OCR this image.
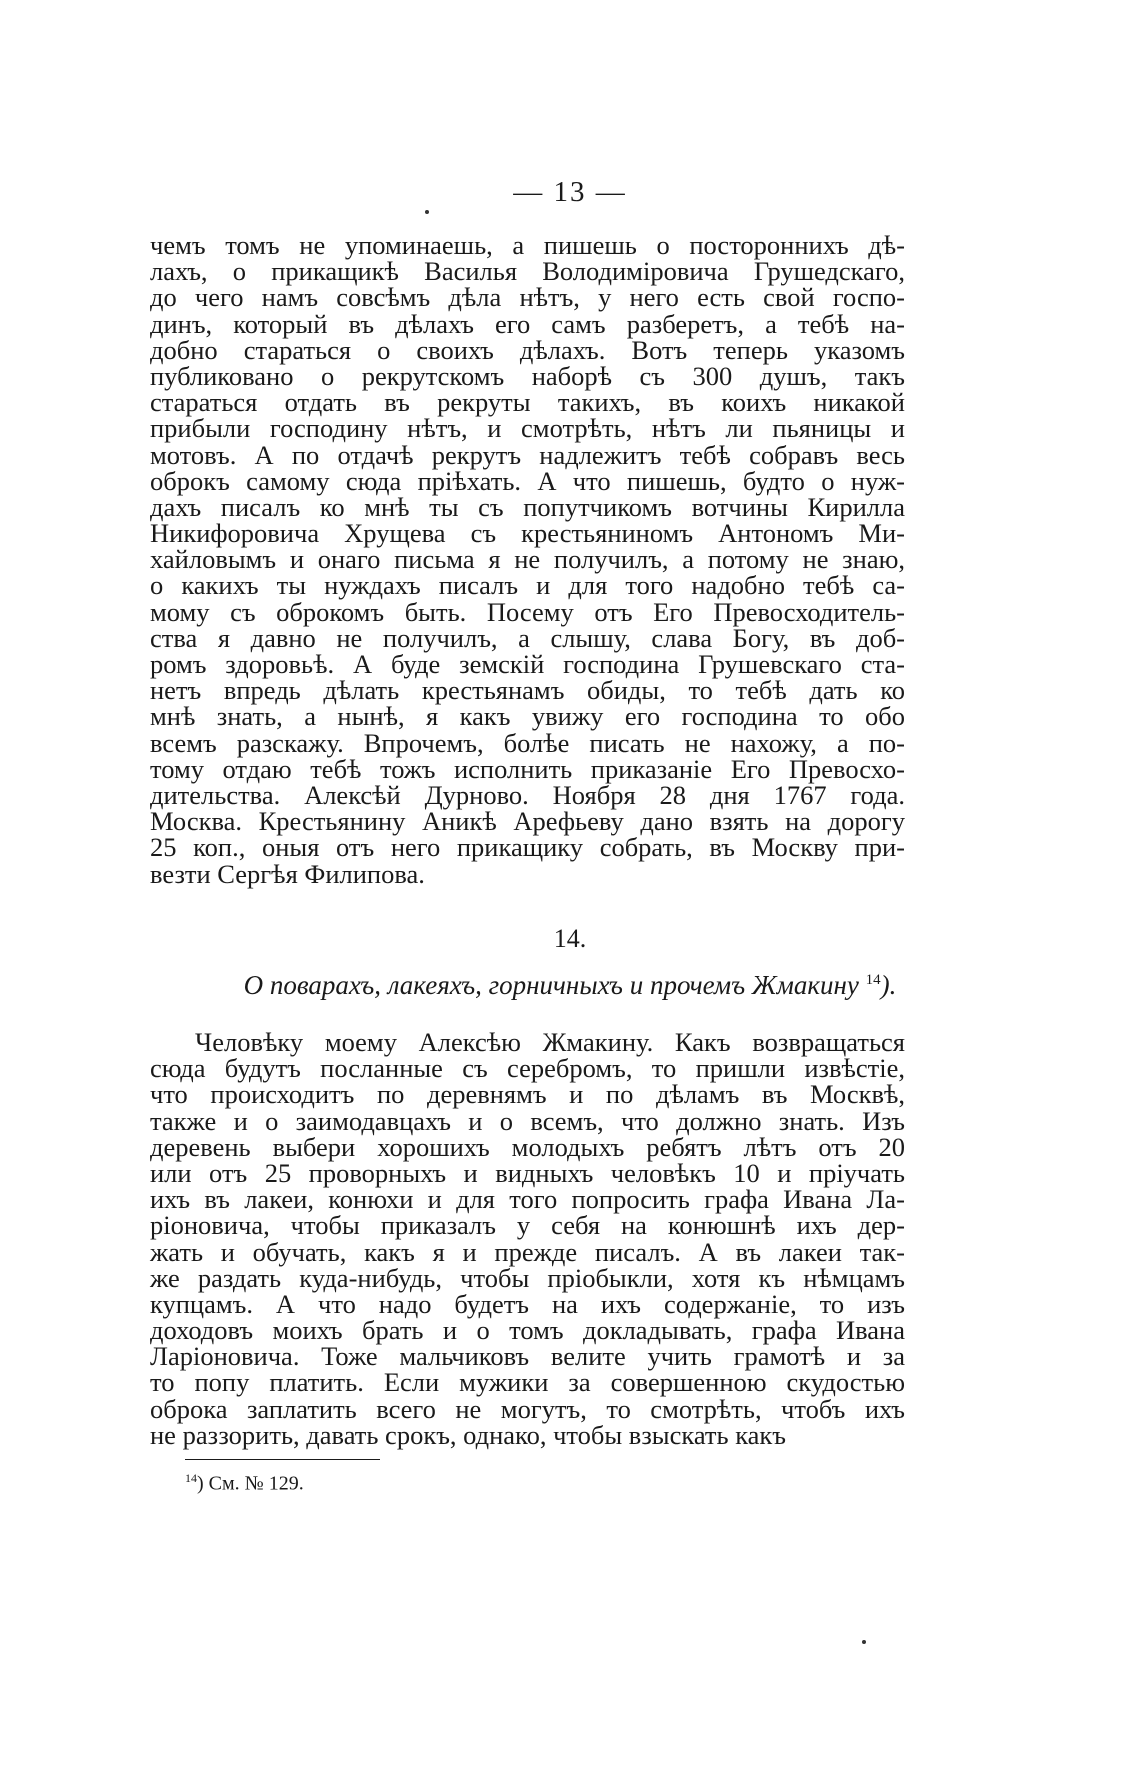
— 13 —
чемъ томъ не упоминаешь, а пишешь о постороннихъ дѣ-
лахъ, о прикащикѣ Василья Володиміровича Грушедскаго,
до чего намъ совсѣмъ дѣла нѣтъ, у него есть свой госпо-
динъ, который въ дѣлахъ его самъ разберетъ, а тебѣ на-
добно стараться о своихъ дѣлахъ. Вотъ теперь указомъ
публиковано о рекрутскомъ наборѣ съ 300 душъ, такъ
стараться отдать въ рекруты такихъ, въ коихъ никакой
прибыли господину нѣтъ, и смотрѣть, нѣтъ ли пьяницы и
мотовъ. А по отдачѣ рекрутъ надлежитъ тебѣ собравъ весь
оброкъ самому сюда пріѣхать. А что пишешь, будто о нуж-
дахъ писалъ ко мнѣ ты съ попутчикомъ вотчины Кирилла
Никифоровича Хрущева съ крестьяниномъ Антономъ Ми-
хайловымъ и онаго письма я не получилъ, а потому не знаю,
о какихъ ты нуждахъ писалъ и для того надобно тебѣ са-
мому съ оброкомъ быть. Посему отъ Его Превосходитель-
ства я давно не получилъ, а слышу, слава Богу, въ доб-
ромъ здоровьѣ. А буде земскій господина Грушевскаго ста-
нетъ впредь дѣлать крестьянамъ обиды, то тебѣ дать ко
мнѣ знать, а нынѣ, я какъ увижу его господина то обо
всемъ разскажу. Впрочемъ, болѣе писать не нахожу, а по-
тому отдаю тебѣ тожъ исполнить приказаніе Его Превосхо-
дительства. Алексѣй Дурново. Ноября 28 дня 1767 года.
Москва. Крестьянину Аникѣ Арефьеву дано взять на дорогу
25 коп., оныя отъ него прикащику собрать, въ Москву при-
везти Сергѣя Филипова.
14.
О поварахъ, лакеяхъ, горничныхъ и прочемъ Жмакину $^{14}$).
Человѣку моему Алексѣю Жмакину. Какъ возвращаться
сюда будутъ посланные съ серебромъ, то пришли извѣстіе,
что происходитъ по деревнямъ и по дѣламъ въ Москвѣ,
также и о заимодавцахъ и о всемъ, что должно знать. Изъ
деревень выбери хорошихъ молодыхъ ребятъ лѣтъ отъ 20
или отъ 25 проворныхъ и видныхъ человѣкъ 10 и пріучать
ихъ въ лакеи, конюхи и для того попросить графа Ивана Ла-
ріоновича, чтобы приказалъ у себя на конюшнѣ ихъ дер-
жать и обучать, какъ я и прежде писалъ. А въ лакеи так-
же раздать куда-нибудь, чтобы пріобыкли, хотя къ нѣмцамъ
купцамъ. А что надо будетъ на ихъ содержаніе, то изъ
доходовъ моихъ брать и о томъ докладывать, графа Ивана
Ларіоновича. Тоже мальчиковъ велите учить грамотѣ и за
то попу платить. Если мужики за совершенною скудостью
оброка заплатить всего не могутъ, то смотрѣть, чтобъ ихъ
не раззорить, давать срокъ, однако, чтобы взыскать какъ
$^{14}$) См. № 129.
